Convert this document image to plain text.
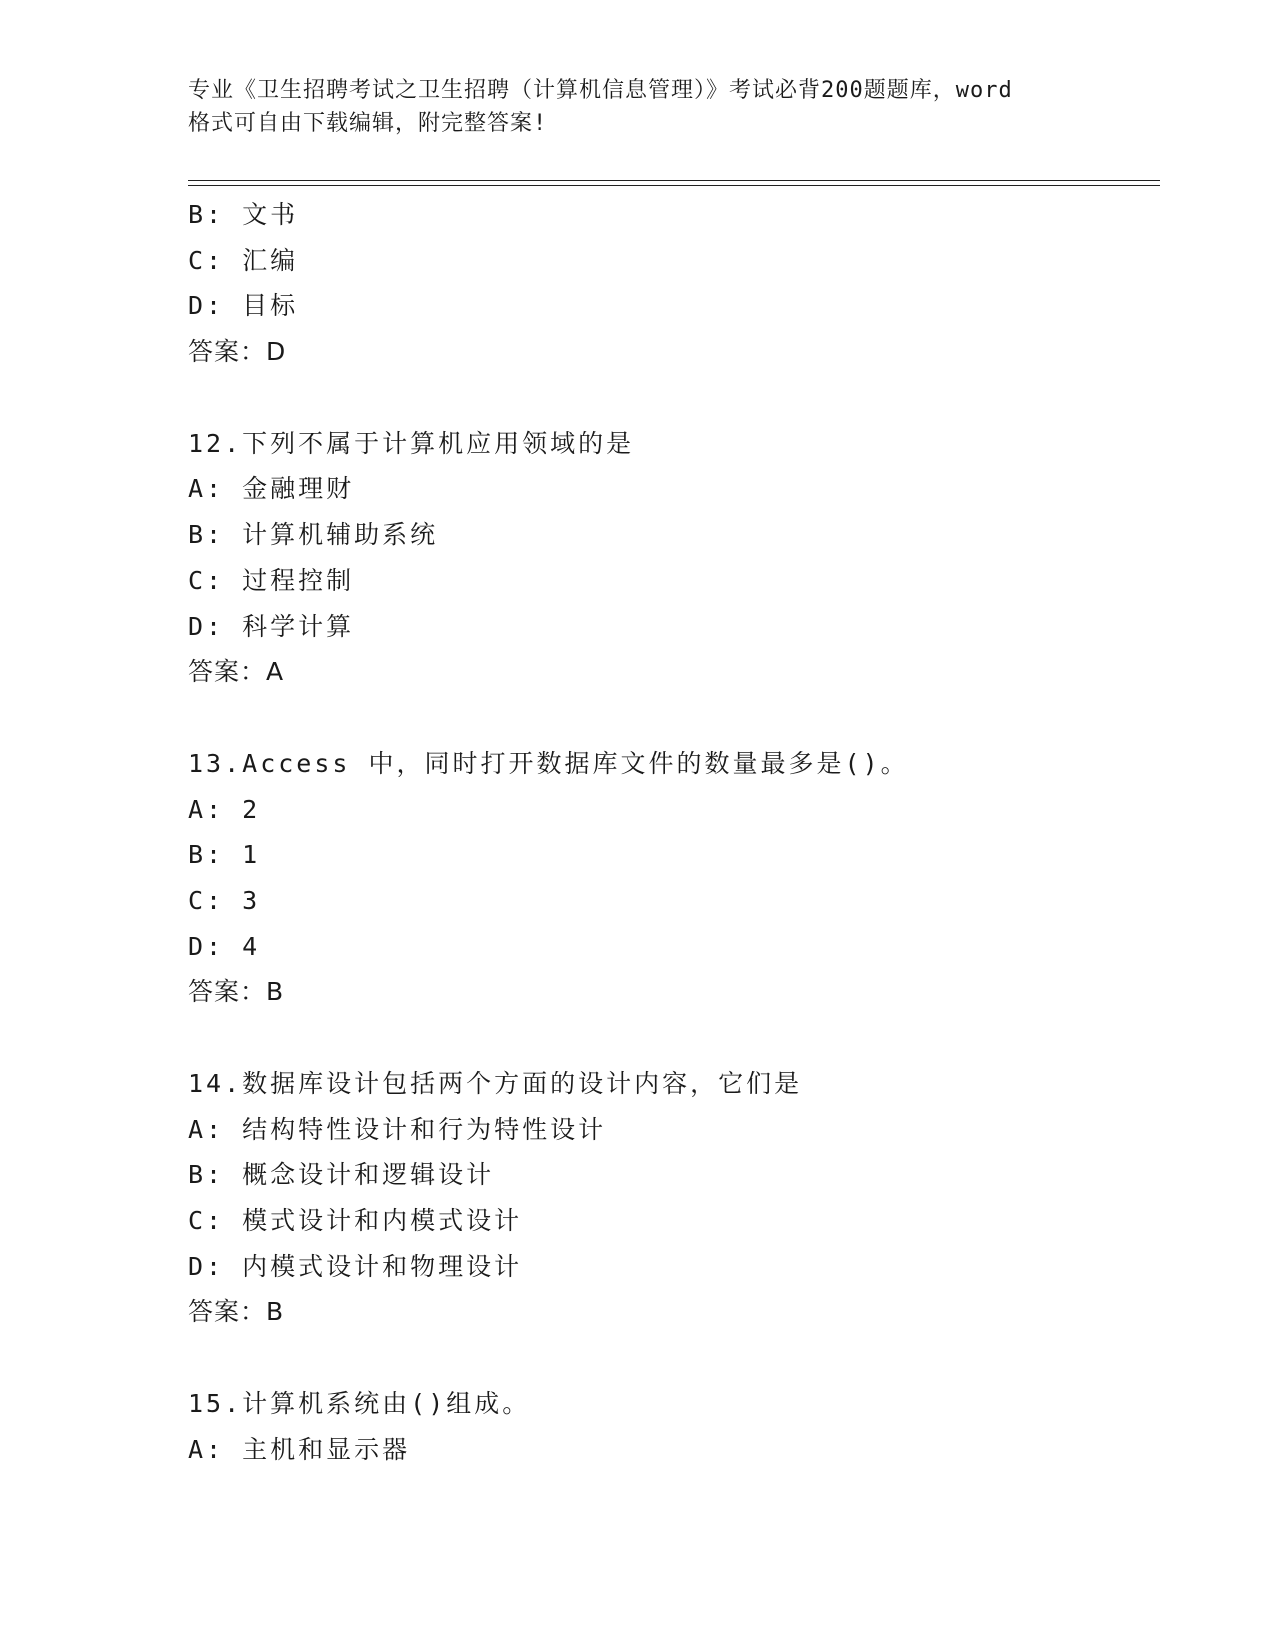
专业《卫生招聘考试之卫生招聘（计算机信息管理）》考试必背200题题库，word
格式可自由下载编辑，附完整答案!
B: 文书
C: 汇编
D: 目标
答案：D
12.下列不属于计算机应用领域的是
A: 金融理财
B: 计算机辅助系统
C: 过程控制
D: 科学计算
答案：A
13.Access 中，同时打开数据库文件的数量最多是()。
A: 2
B: 1
C: 3
D: 4
答案：B
14.数据库设计包括两个方面的设计内容，它们是
A: 结构特性设计和行为特性设计
B: 概念设计和逻辑设计
C: 模式设计和内模式设计
D: 内模式设计和物理设计
答案：B
15.计算机系统由()组成。
A: 主机和显示器
